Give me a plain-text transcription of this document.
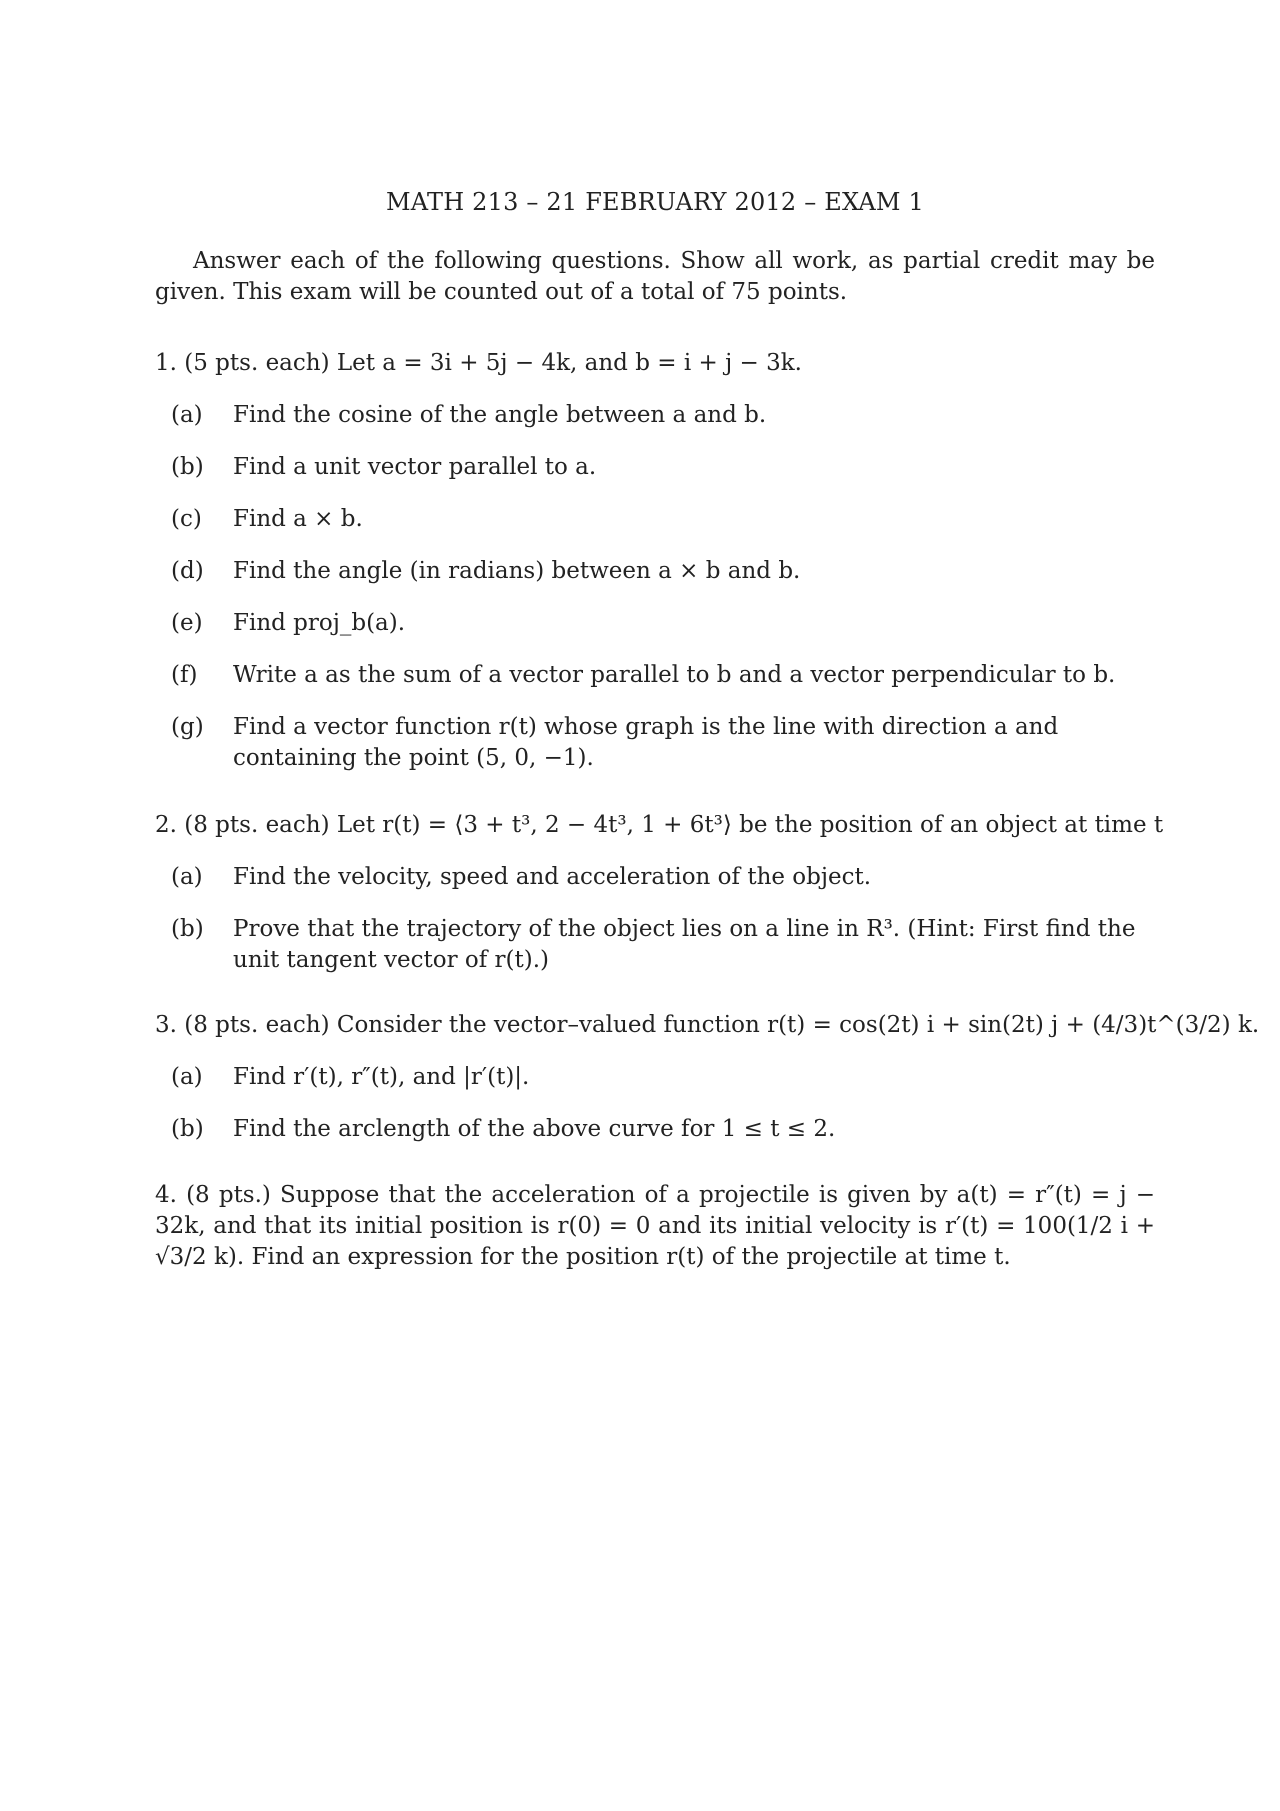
MATH 213 – 21 FEBRUARY 2012 – EXAM 1
Answer each of the following questions. Show all work, as partial credit may be given. This exam will be counted out of a total of 75 points.
1. (5 pts. each) Let a = 3i + 5j − 4k, and b = i + j − 3k.
(a)	Find the cosine of the angle between a and b.
(b)	Find a unit vector parallel to a.
(c)	Find a × b.
(d)	Find the angle (in radians) between a × b and b.
(e)	Find proj_b(a).
(f)	Write a as the sum of a vector parallel to b and a vector perpendicular to b.
(g)	Find a vector function r(t) whose graph is the line with direction a and containing the point (5, 0, −1).
2. (8 pts. each) Let r(t) = ⟨3 + t³, 2 − 4t³, 1 + 6t³⟩ be the position of an object at time t
(a)	Find the velocity, speed and acceleration of the object.
(b)	Prove that the trajectory of the object lies on a line in R³. (Hint: First find the unit tangent vector of r(t).)
3. (8 pts. each) Consider the vector–valued function r(t) = cos(2t) i + sin(2t) j + (4/3)t^(3/2) k.
(a)	Find r′(t), r″(t), and |r′(t)|.
(b)	Find the arclength of the above curve for 1 ≤ t ≤ 2.
4. (8 pts.) Suppose that the acceleration of a projectile is given by a(t) = r″(t) = j − 32k, and that its initial position is r(0) = 0 and its initial velocity is r′(t) = 100(1/2 i + √3/2 k). Find an expression for the position r(t) of the projectile at time t.
